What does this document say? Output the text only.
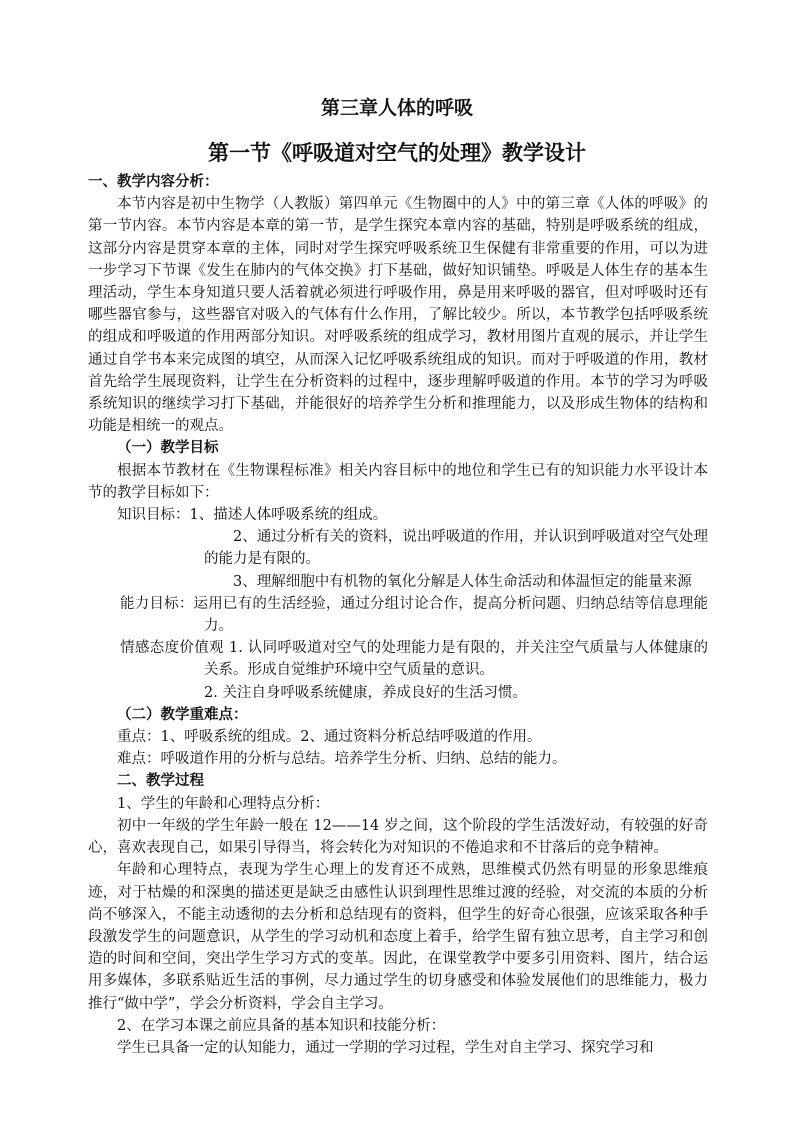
第三章人体的呼吸
第一节《呼吸道对空气的处理》教学设计

一、教学内容分析：

本节内容是初中生物学（人教版）第四单元《生物圈中的人》中的第三章《人体的呼吸》的第一节内容。本节内容是本章的第一节，是学生探究本章内容的基础，特别是呼吸系统的组成，这部分内容是贯穿本章的主体，同时对学生探究呼吸系统卫生保健有非常重要的作用，可以为进一步学习下节课《发生在肺内的气体交换》打下基础，做好知识铺垫。呼吸是人体生存的基本生理活动，学生本身知道只要人活着就必须进行呼吸作用，鼻是用来呼吸的器官，但对呼吸时还有哪些器官参与，这些器官对吸入的气体有什么作用，了解比较少。所以，本节教学包括呼吸系统的组成和呼吸道的作用两部分知识。对呼吸系统的组成学习，教材用图片直观的展示，并让学生通过自学书本来完成图的填空，从而深入记忆呼吸系统组成的知识。而对于呼吸道的作用，教材首先给学生展现资料，让学生在分析资料的过程中，逐步理解呼吸道的作用。本节的学习为呼吸系统知识的继续学习打下基础，并能很好的培养学生分析和推理能力，以及形成生物体的结构和功能是相统一的观点。

（一）教学目标

根据本节教材在《生物课程标准》相关内容目标中的地位和学生已有的知识能力水平设计本节的教学目标如下：

知识目标：1、描述人体呼吸系统的组成。

2、通过分析有关的资料，说出呼吸道的作用，并认识到呼吸道对空气处理的能力是有限的。

3、理解细胞中有机物的氧化分解是人体生命活动和体温恒定的能量来源

能力目标：运用已有的生活经验，通过分组讨论合作，提高分析问题、归纳总结等信息理能力。

情感态度价值观 1. 认同呼吸道对空气的处理能力是有限的，并关注空气质量与人体健康的关系。形成自觉维护环境中空气质量的意识。

2. 关注自身呼吸系统健康，养成良好的生活习惯。

（二）教学重难点：

重点：1、呼吸系统的组成。2、通过资料分析总结呼吸道的作用。

难点：呼吸道作用的分析与总结。培养学生分析、归纳、总结的能力。

二、教学过程

1、学生的年龄和心理特点分析：

初中一年级的学生年龄一般在 12——14 岁之间，这个阶段的学生活泼好动，有较强的好奇心，喜欢表现自己，如果引导得当，将会转化为对知识的不倦追求和不甘落后的竞争精神。

年龄和心理特点，表现为学生心理上的发育还不成熟，思维模式仍然有明显的形象思维痕迹，对于枯燥的和深奥的描述更是缺乏由感性认识到理性思维过渡的经验，对交流的本质的分析尚不够深入，不能主动透彻的去分析和总结现有的资料，但学生的好奇心很强，应该采取各种手段激发学生的问题意识，从学生的学习动机和态度上着手，给学生留有独立思考，自主学习和创造的时间和空间，突出学生学习方式的变革。因此，在课堂教学中要多引用资料、图片，结合运用多媒体，多联系贴近生活的事例，尽力通过学生的切身感受和体验发展他们的思维能力，极力推行“做中学”，学会分析资料，学会自主学习。

2、在学习本课之前应具备的基本知识和技能分析：

学生已具备一定的认知能力，通过一学期的学习过程，学生对自主学习、探究学习和
